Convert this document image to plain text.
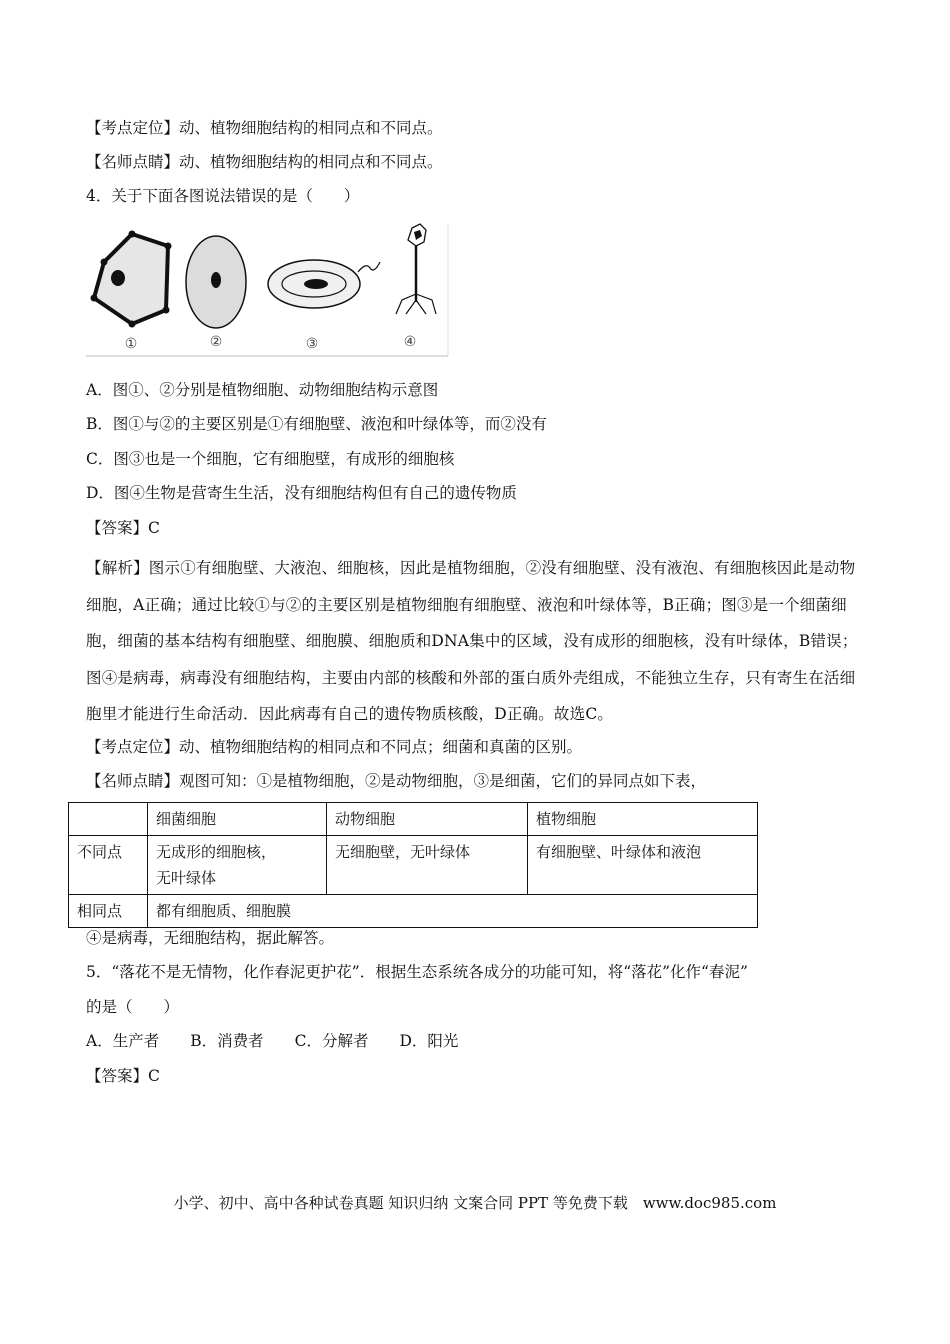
【考点定位】动、植物细胞结构的相同点和不同点。
【名师点睛】动、植物细胞结构的相同点和不同点。
4．关于下面各图说法错误的是（　　）
①	②	③	④
A．图①、②分别是植物细胞、动物细胞结构示意图
B．图①与②的主要区别是①有细胞壁、液泡和叶绿体等，而②没有
C．图③也是一个细胞，它有细胞壁，有成形的细胞核
D．图④生物是营寄生生活，没有细胞结构但有自己的遗传物质
【答案】C
【解析】图示①有细胞壁、大液泡、细胞核，因此是植物细胞，②没有细胞壁、没有液泡、有细胞核因此是动物细胞，A正确；通过比较①与②的主要区别是植物细胞有细胞壁、液泡和叶绿体等，B正确；图③是一个细菌细胞，细菌的基本结构有细胞壁、细胞膜、细胞质和DNA集中的区域，没有成形的细胞核，没有叶绿体，B错误；图④是病毒，病毒没有细胞结构，主要由内部的核酸和外部的蛋白质外壳组成，不能独立生存，只有寄生在活细胞里才能进行生命活动．因此病毒有自己的遗传物质核酸，D正确。故选C。
【考点定位】动、植物细胞结构的相同点和不同点；细菌和真菌的区别。
【名师点睛】观图可知：①是植物细胞，②是动物细胞，③是细菌，它们的异同点如下表，
	细菌细胞	动物细胞	植物细胞
不同点	无成形的细胞核，
无叶绿体	无细胞壁，无叶绿体	有细胞壁、叶绿体和液泡
相同点	都有细胞质、细胞膜		
④是病毒，无细胞结构，据此解答。
5．“落花不是无情物，化作春泥更护花”．根据生态系统各成分的功能可知，将“落花”化作“春泥”
的是（　　）
A．生产者　　B．消费者　　C．分解者　　D．阳光
【答案】C
小学、初中、高中各种试卷真题 知识归纳 文案合同 PPT 等免费下载　www.doc985.com
